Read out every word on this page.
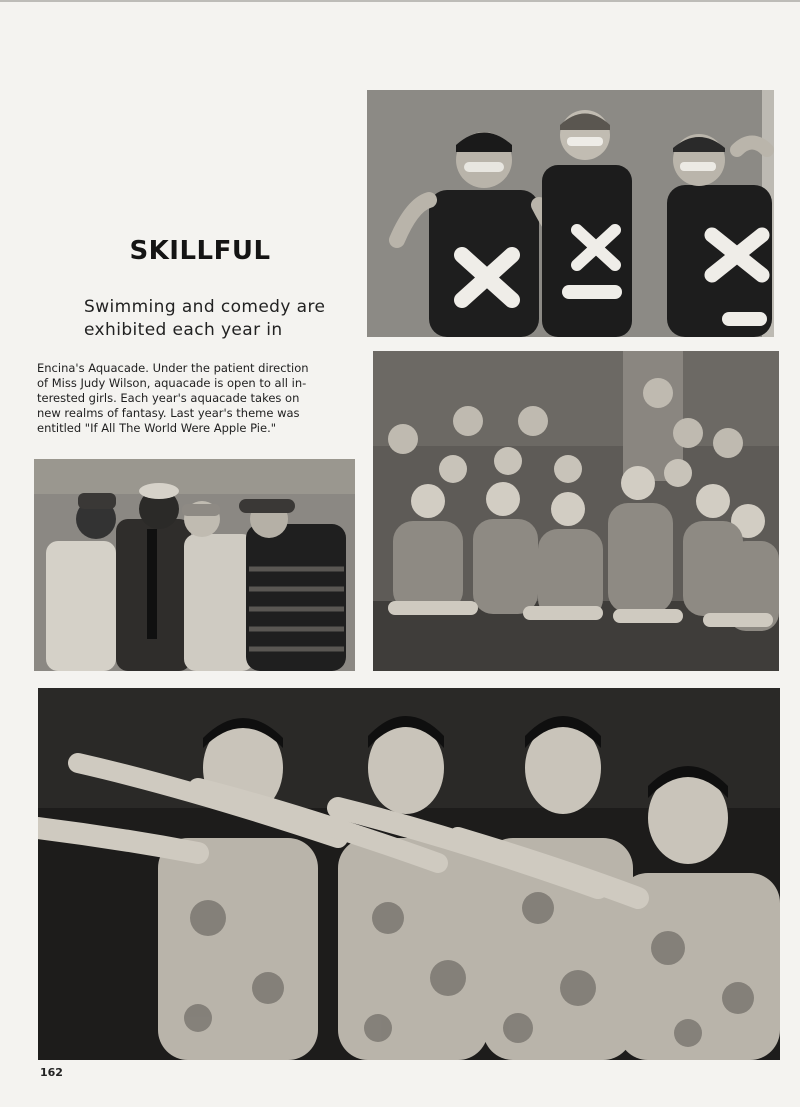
SKILLFUL

Swimming and comedy are
exhibited each year in

Encina's Aquacade. Under the patient direction
of Miss Judy Wilson, aquacade is open to all in-
terested girls. Each year's aquacade takes on
new realms of fantasy. Last year's theme was
entitled "If All The World Were Apple Pie."

162
